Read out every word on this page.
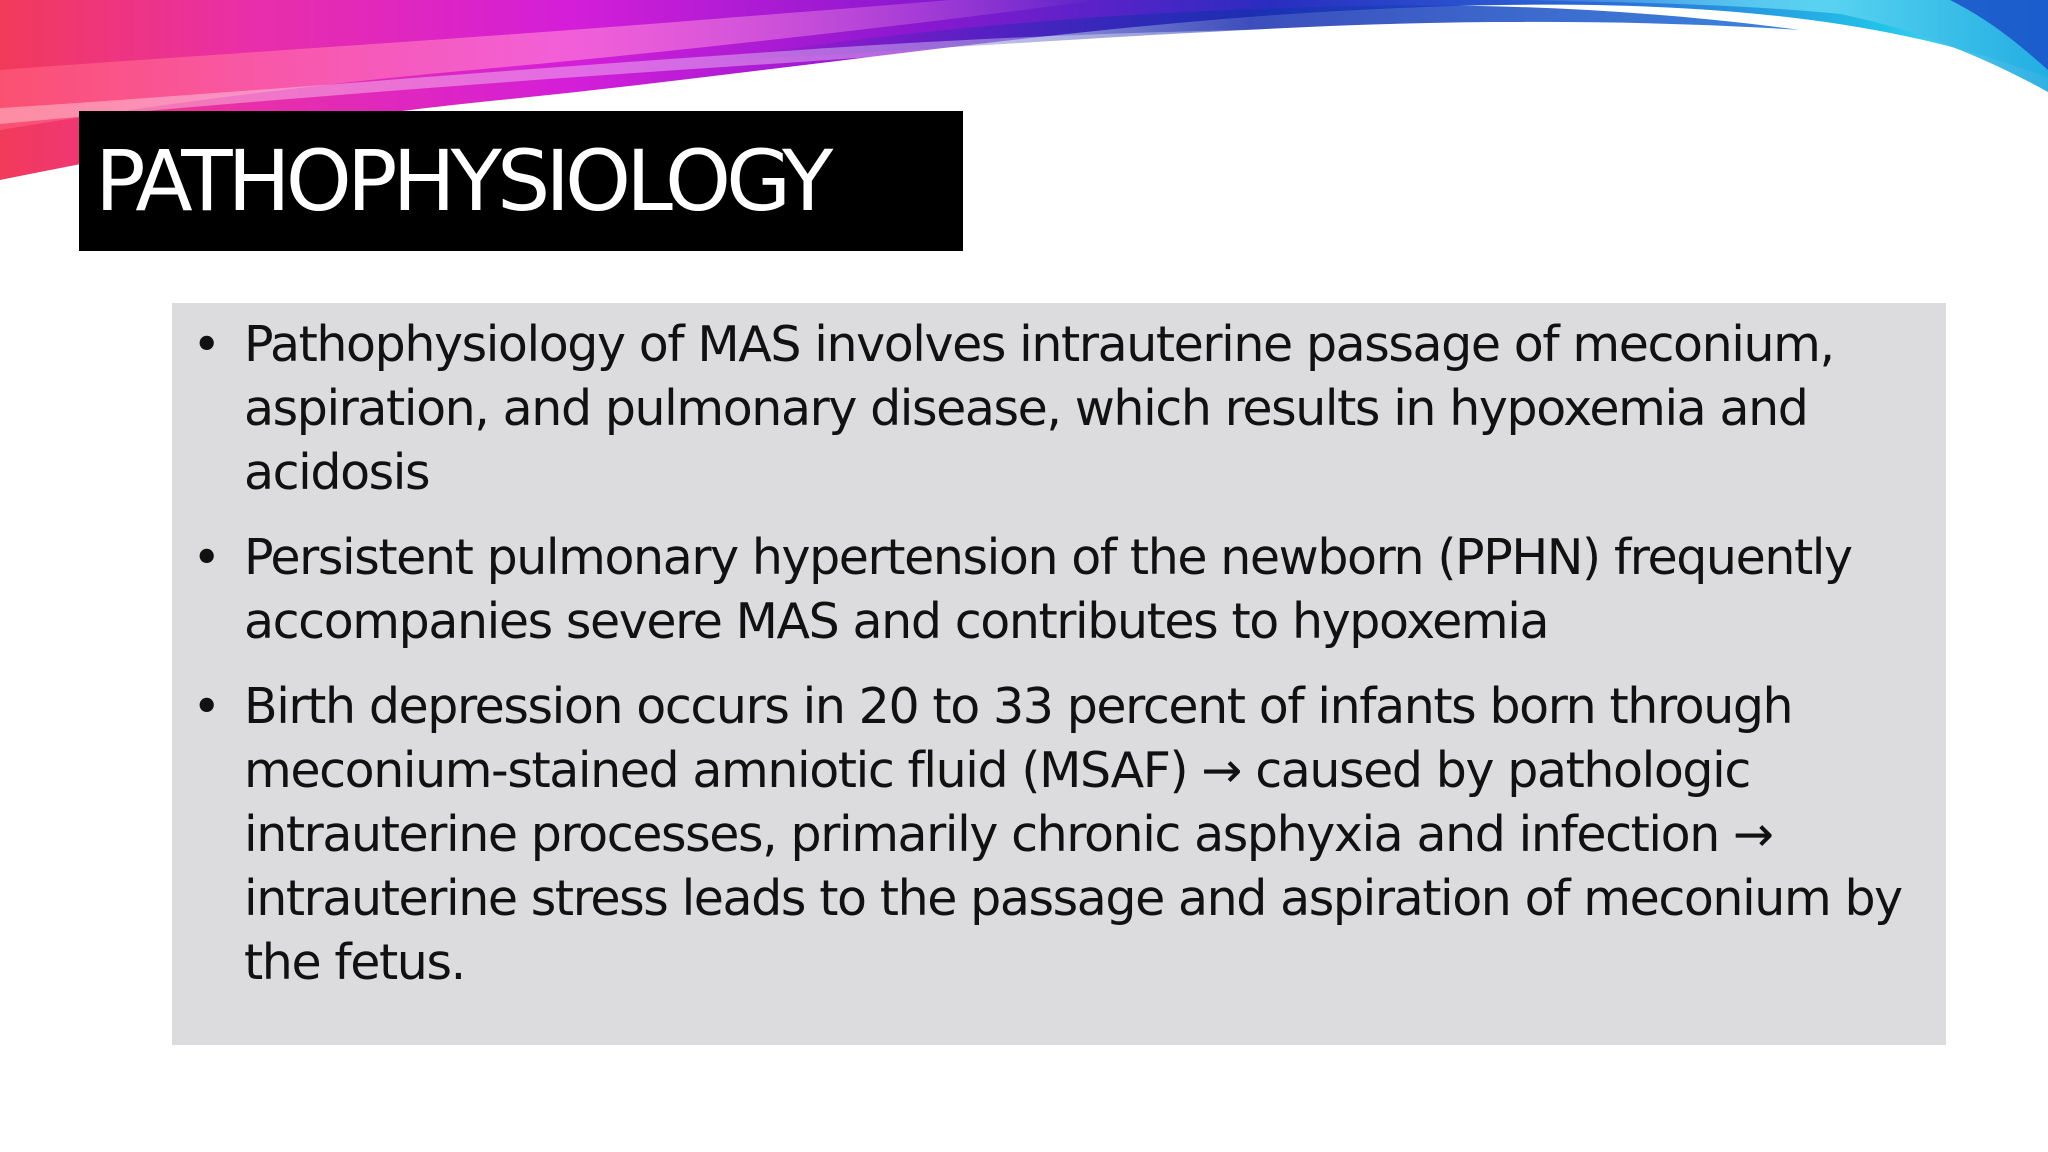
PATHOPHYSIOLOGY
• Pathophysiology of MAS involves intrauterine passage of meconium, aspiration, and pulmonary disease, which results in hypoxemia and acidosis
• Persistent pulmonary hypertension of the newborn (PPHN) frequently accompanies severe MAS and contributes to hypoxemia
• Birth depression occurs in 20 to 33 percent of infants born through meconium-stained amniotic fluid (MSAF) → caused by pathologic intrauterine processes, primarily chronic asphyxia and infection → intrauterine stress leads to the passage and aspiration of meconium by the fetus.
